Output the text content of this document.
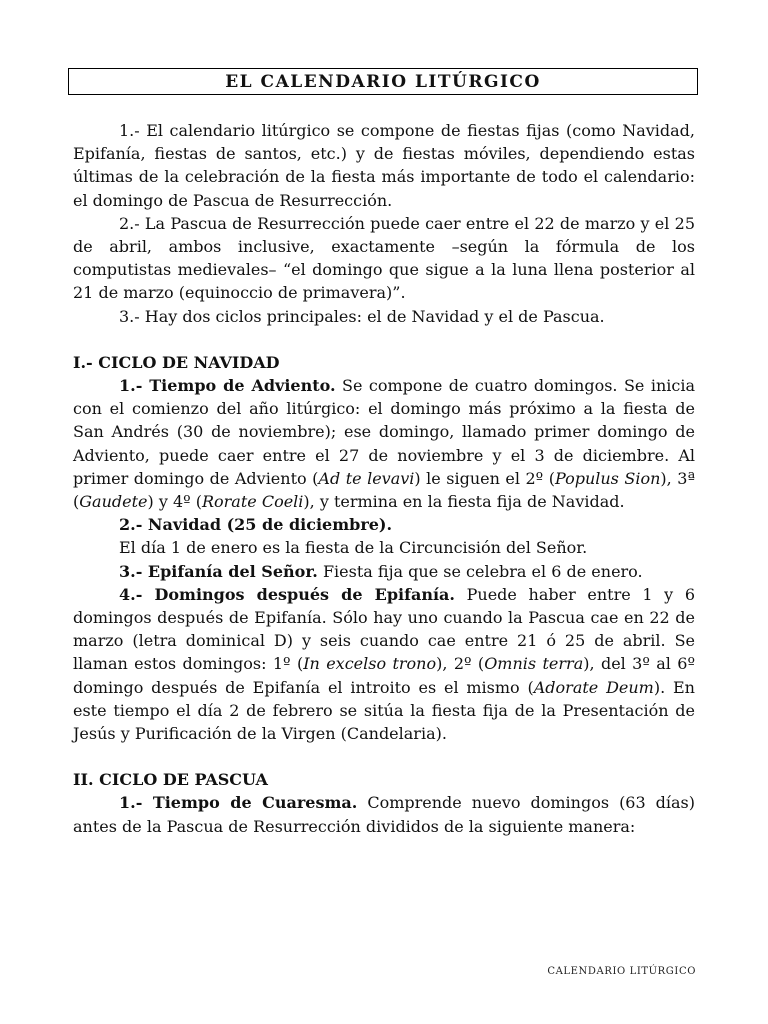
EL CALENDARIO LITÚRGICO

1.- El calendario litúrgico se compone de fiestas fijas (como Navidad, Epifanía, fiestas de santos, etc.) y de fiestas móviles, dependiendo estas últimas de la celebración de la fiesta más importante de todo el calendario: el domingo de Pascua de Resurrección.

2.- La Pascua de Resurrección puede caer entre el 22 de marzo y el 25 de abril, ambos inclusive, exactamente –según la fórmula de los computistas medievales– “el domingo que sigue a la luna llena posterior al 21 de marzo (equinoccio de primavera)”.

3.- Hay dos ciclos principales: el de Navidad y el de Pascua.

I.- CICLO DE NAVIDAD

1.- Tiempo de Adviento. Se compone de cuatro domingos. Se inicia con el comienzo del año litúrgico: el domingo más próximo a la fiesta de San Andrés (30 de noviembre); ese domingo, llamado primer domingo de Adviento, puede caer entre el 27 de noviembre y el 3 de diciembre. Al primer domingo de Adviento (Ad te levavi) le siguen el 2º (Populus Sion), 3ª (Gaudete) y 4º (Rorate Coeli), y termina en la fiesta fija de Navidad.

2.- Navidad (25 de diciembre).

El día 1 de enero es la fiesta de la Circuncisión del Señor.

3.- Epifanía del Señor. Fiesta fija que se celebra el 6 de enero.

4.- Domingos después de Epifanía. Puede haber entre 1 y 6 domingos después de Epifanía. Sólo hay uno cuando la Pascua cae en 22 de marzo (letra dominical D) y seis cuando cae entre 21 ó 25 de abril. Se llaman estos domingos: 1º (In excelso trono), 2º (Omnis terra), del 3º al 6º domingo después de Epifanía el introito es el mismo (Adorate Deum). En este tiempo el día 2 de febrero se sitúa la fiesta fija de la Presentación de Jesús y Purificación de la Virgen (Candelaria).

II. CICLO DE PASCUA

1.- Tiempo de Cuaresma. Comprende nuevo domingos (63 días) antes de la Pascua de Resurrección divididos de la siguiente manera:

CALENDARIO LITÚRGICO
